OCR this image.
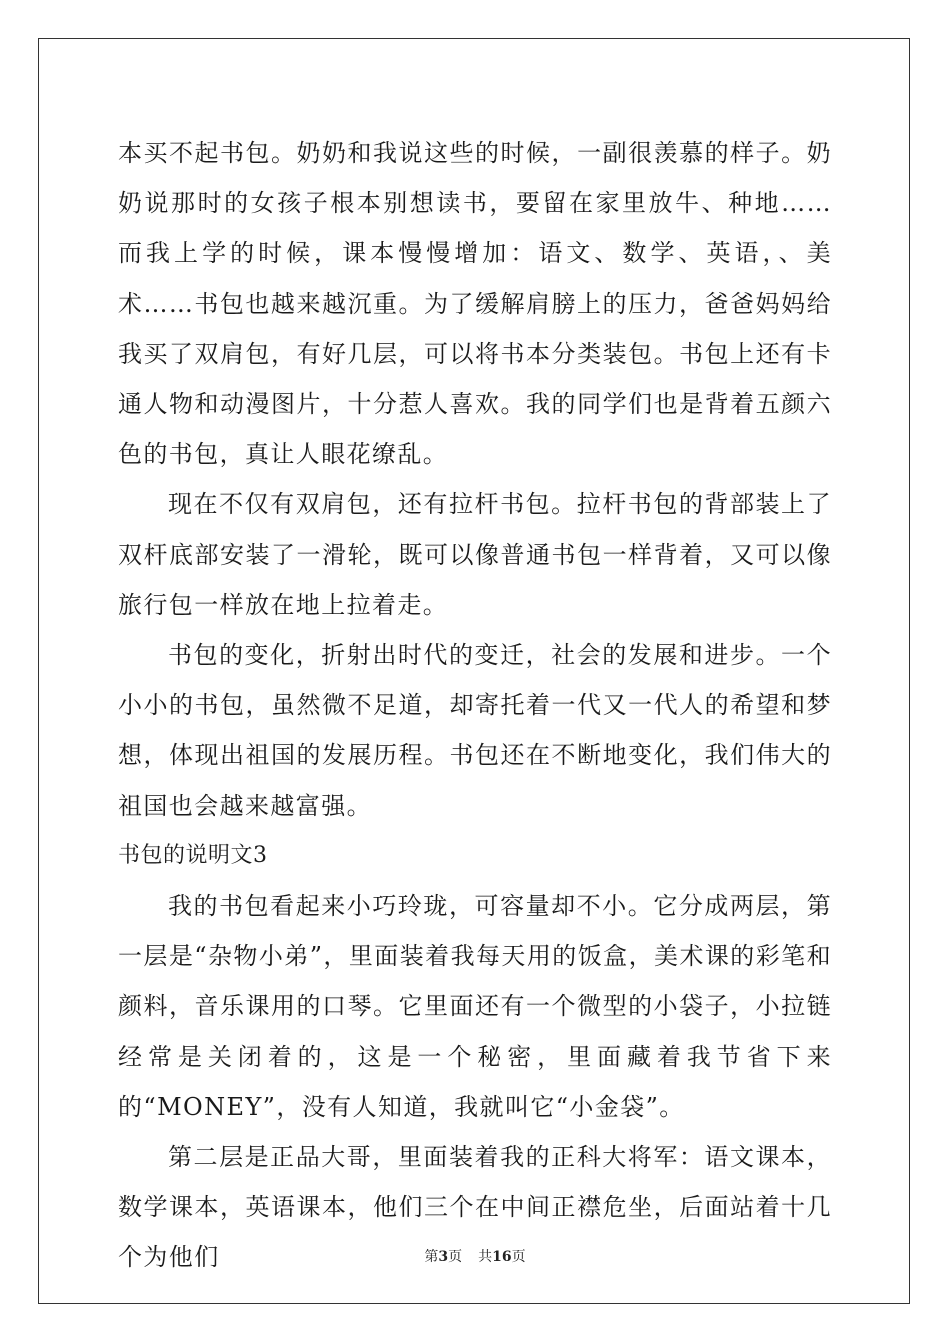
本买不起书包。奶奶和我说这些的时候，一副很羡慕的样子。奶奶说那时的女孩子根本别想读书，要留在家里放牛、种地…… 而我上学的时候，课本慢慢增加：语文、数学、英语，、美术……书包也越来越沉重。为了缓解肩膀上的压力，爸爸妈妈给我买了双肩包，有好几层，可以将书本分类装包。书包上还有卡通人物和动漫图片，十分惹人喜欢。我的同学们也是背着五颜六色的书包，真让人眼花缭乱。

现在不仅有双肩包，还有拉杆书包。拉杆书包的背部装上了双杆底部安装了一滑轮，既可以像普通书包一样背着，又可以像旅行包一样放在地上拉着走。

书包的变化，折射出时代的变迁，社会的发展和进步。一个小小的书包，虽然微不足道，却寄托着一代又一代人的希望和梦想，体现出祖国的发展历程。书包还在不断地变化，我们伟大的祖国也会越来越富强。

书包的说明文3

我的书包看起来小巧玲珑，可容量却不小。它分成两层，第一层是“杂物小弟”，里面装着我每天用的饭盒，美术课的彩笔和颜料，音乐课用的口琴。它里面还有一个微型的小袋子，小拉链经常是关闭着的，这是一个秘密，里面藏着我节省下来的“MONEY”，没有人知道，我就叫它“小金袋”。

第二层是正品大哥，里面装着我的正科大将军：语文课本，数学课本，英语课本，他们三个在中间正襟危坐，后面站着十几个为他们	第3页 共16页
